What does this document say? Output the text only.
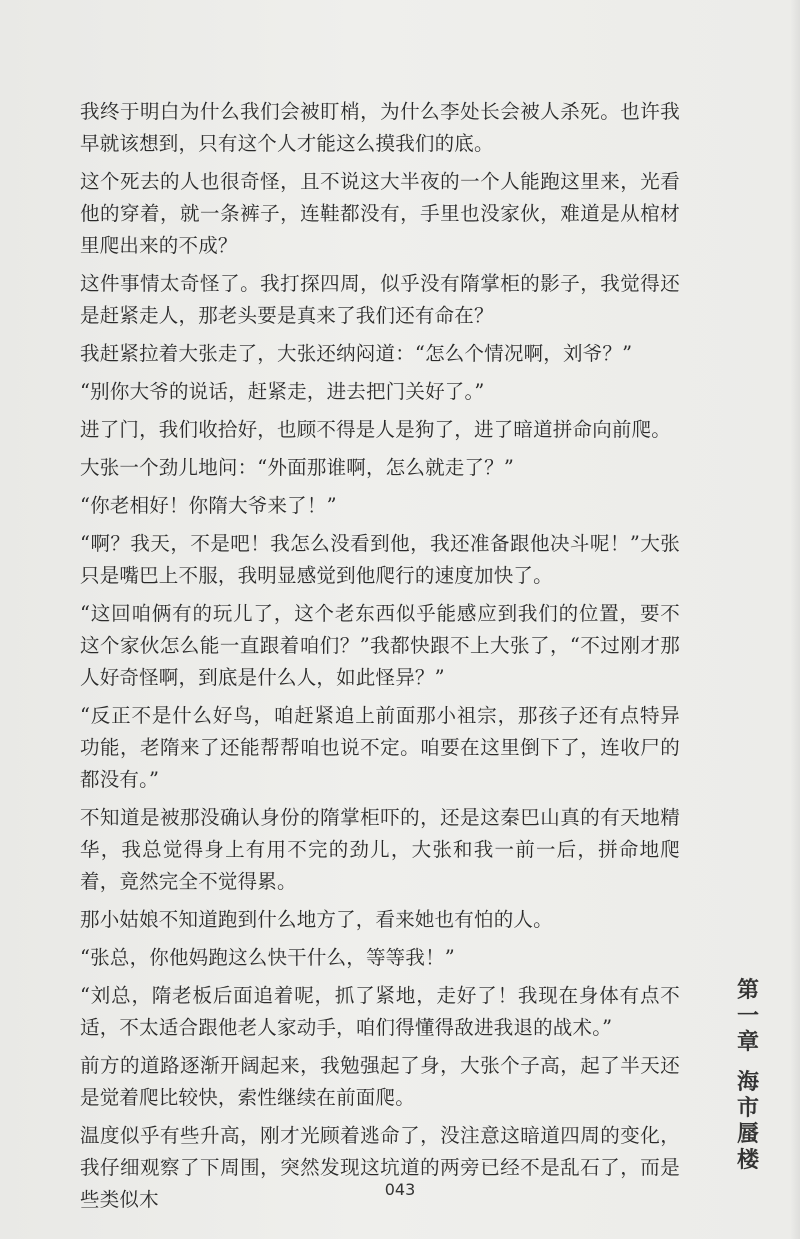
我终于明白为什么我们会被盯梢，为什么李处长会被人杀死。也许我早就该想到，只有这个人才能这么摸我们的底。

这个死去的人也很奇怪，且不说这大半夜的一个人能跑这里来，光看他的穿着，就一条裤子，连鞋都没有，手里也没家伙，难道是从棺材里爬出来的不成？

这件事情太奇怪了。我打探四周，似乎没有隋掌柜的影子，我觉得还是赶紧走人，那老头要是真来了我们还有命在？

我赶紧拉着大张走了，大张还纳闷道：“怎么个情况啊，刘爷？”

“别你大爷的说话，赶紧走，进去把门关好了。”

进了门，我们收拾好，也顾不得是人是狗了，进了暗道拼命向前爬。

大张一个劲儿地问：“外面那谁啊，怎么就走了？”

“你老相好！你隋大爷来了！”

“啊？我天，不是吧！我怎么没看到他，我还准备跟他决斗呢！”大张只是嘴巴上不服，我明显感觉到他爬行的速度加快了。

“这回咱俩有的玩儿了，这个老东西似乎能感应到我们的位置，要不这个家伙怎么能一直跟着咱们？”我都快跟不上大张了，“不过刚才那人好奇怪啊，到底是什么人，如此怪异？”

“反正不是什么好鸟，咱赶紧追上前面那小祖宗，那孩子还有点特异功能，老隋来了还能帮帮咱也说不定。咱要在这里倒下了，连收尸的都没有。”

不知道是被那没确认身份的隋掌柜吓的，还是这秦巴山真的有天地精华，我总觉得身上有用不完的劲儿，大张和我一前一后，拼命地爬着，竟然完全不觉得累。

那小姑娘不知道跑到什么地方了，看来她也有怕的人。

“张总，你他妈跑这么快干什么，等等我！”

“刘总，隋老板后面追着呢，抓了紧地，走好了！我现在身体有点不适，不太适合跟他老人家动手，咱们得懂得敌进我退的战术。”

前方的道路逐渐开阔起来，我勉强起了身，大张个子高，起了半天还是觉着爬比较快，索性继续在前面爬。

温度似乎有些升高，刚才光顾着逃命了，没注意这暗道四周的变化，我仔细观察了下周围，突然发现这坑道的两旁已经不是乱石了，而是些类似木

第
一
章
海
市
蜃
楼
043
